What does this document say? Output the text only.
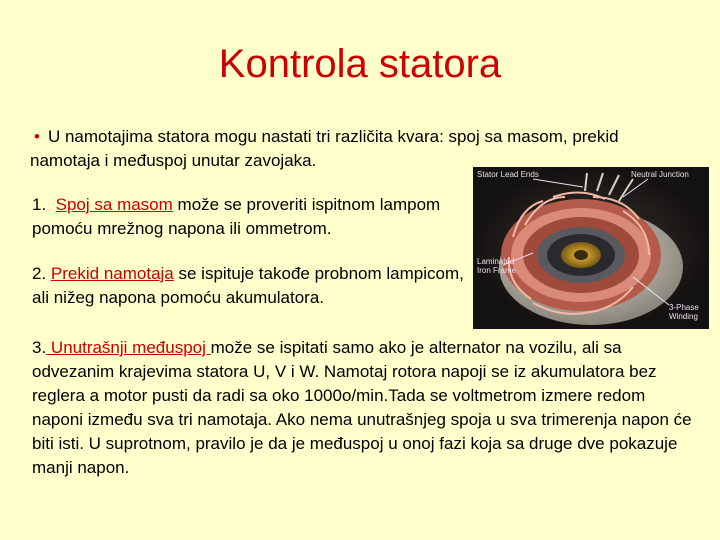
Kontrola statora
• U namotajima statora mogu nastati tri različita kvara: spoj sa masom, prekid namotaja i međuspoj unutar zavojaka.
1. Spoj sa masom može se proveriti ispitnom lampom pomoću mrežnog napona ili ommetrom.
2. Prekid namotaja se ispituje takođe probnom lampicom, ali nižeg napona pomoću akumulatora.
3. Unutrašnji međuspoj može se ispitati samo ako je alternator na vozilu, ali sa odvezanim krajevima statora U, V i W. Namotaj rotora napoji se iz akumulatora bez reglera a motor pusti da radi sa oko 1000o/min.Tada se voltmetrom izmere redom naponi između sva tri namotaja. Ako nema unutrašnjeg spoja u sva trimerenja napon će biti isti. U suprotnom, pravilo je da je međuspoj u onoj fazi koja sa druge dve pokazuje manji napon.
Stator Lead Ends	Neutral Junction
Laminated Iron Frame
3-Phase Winding
